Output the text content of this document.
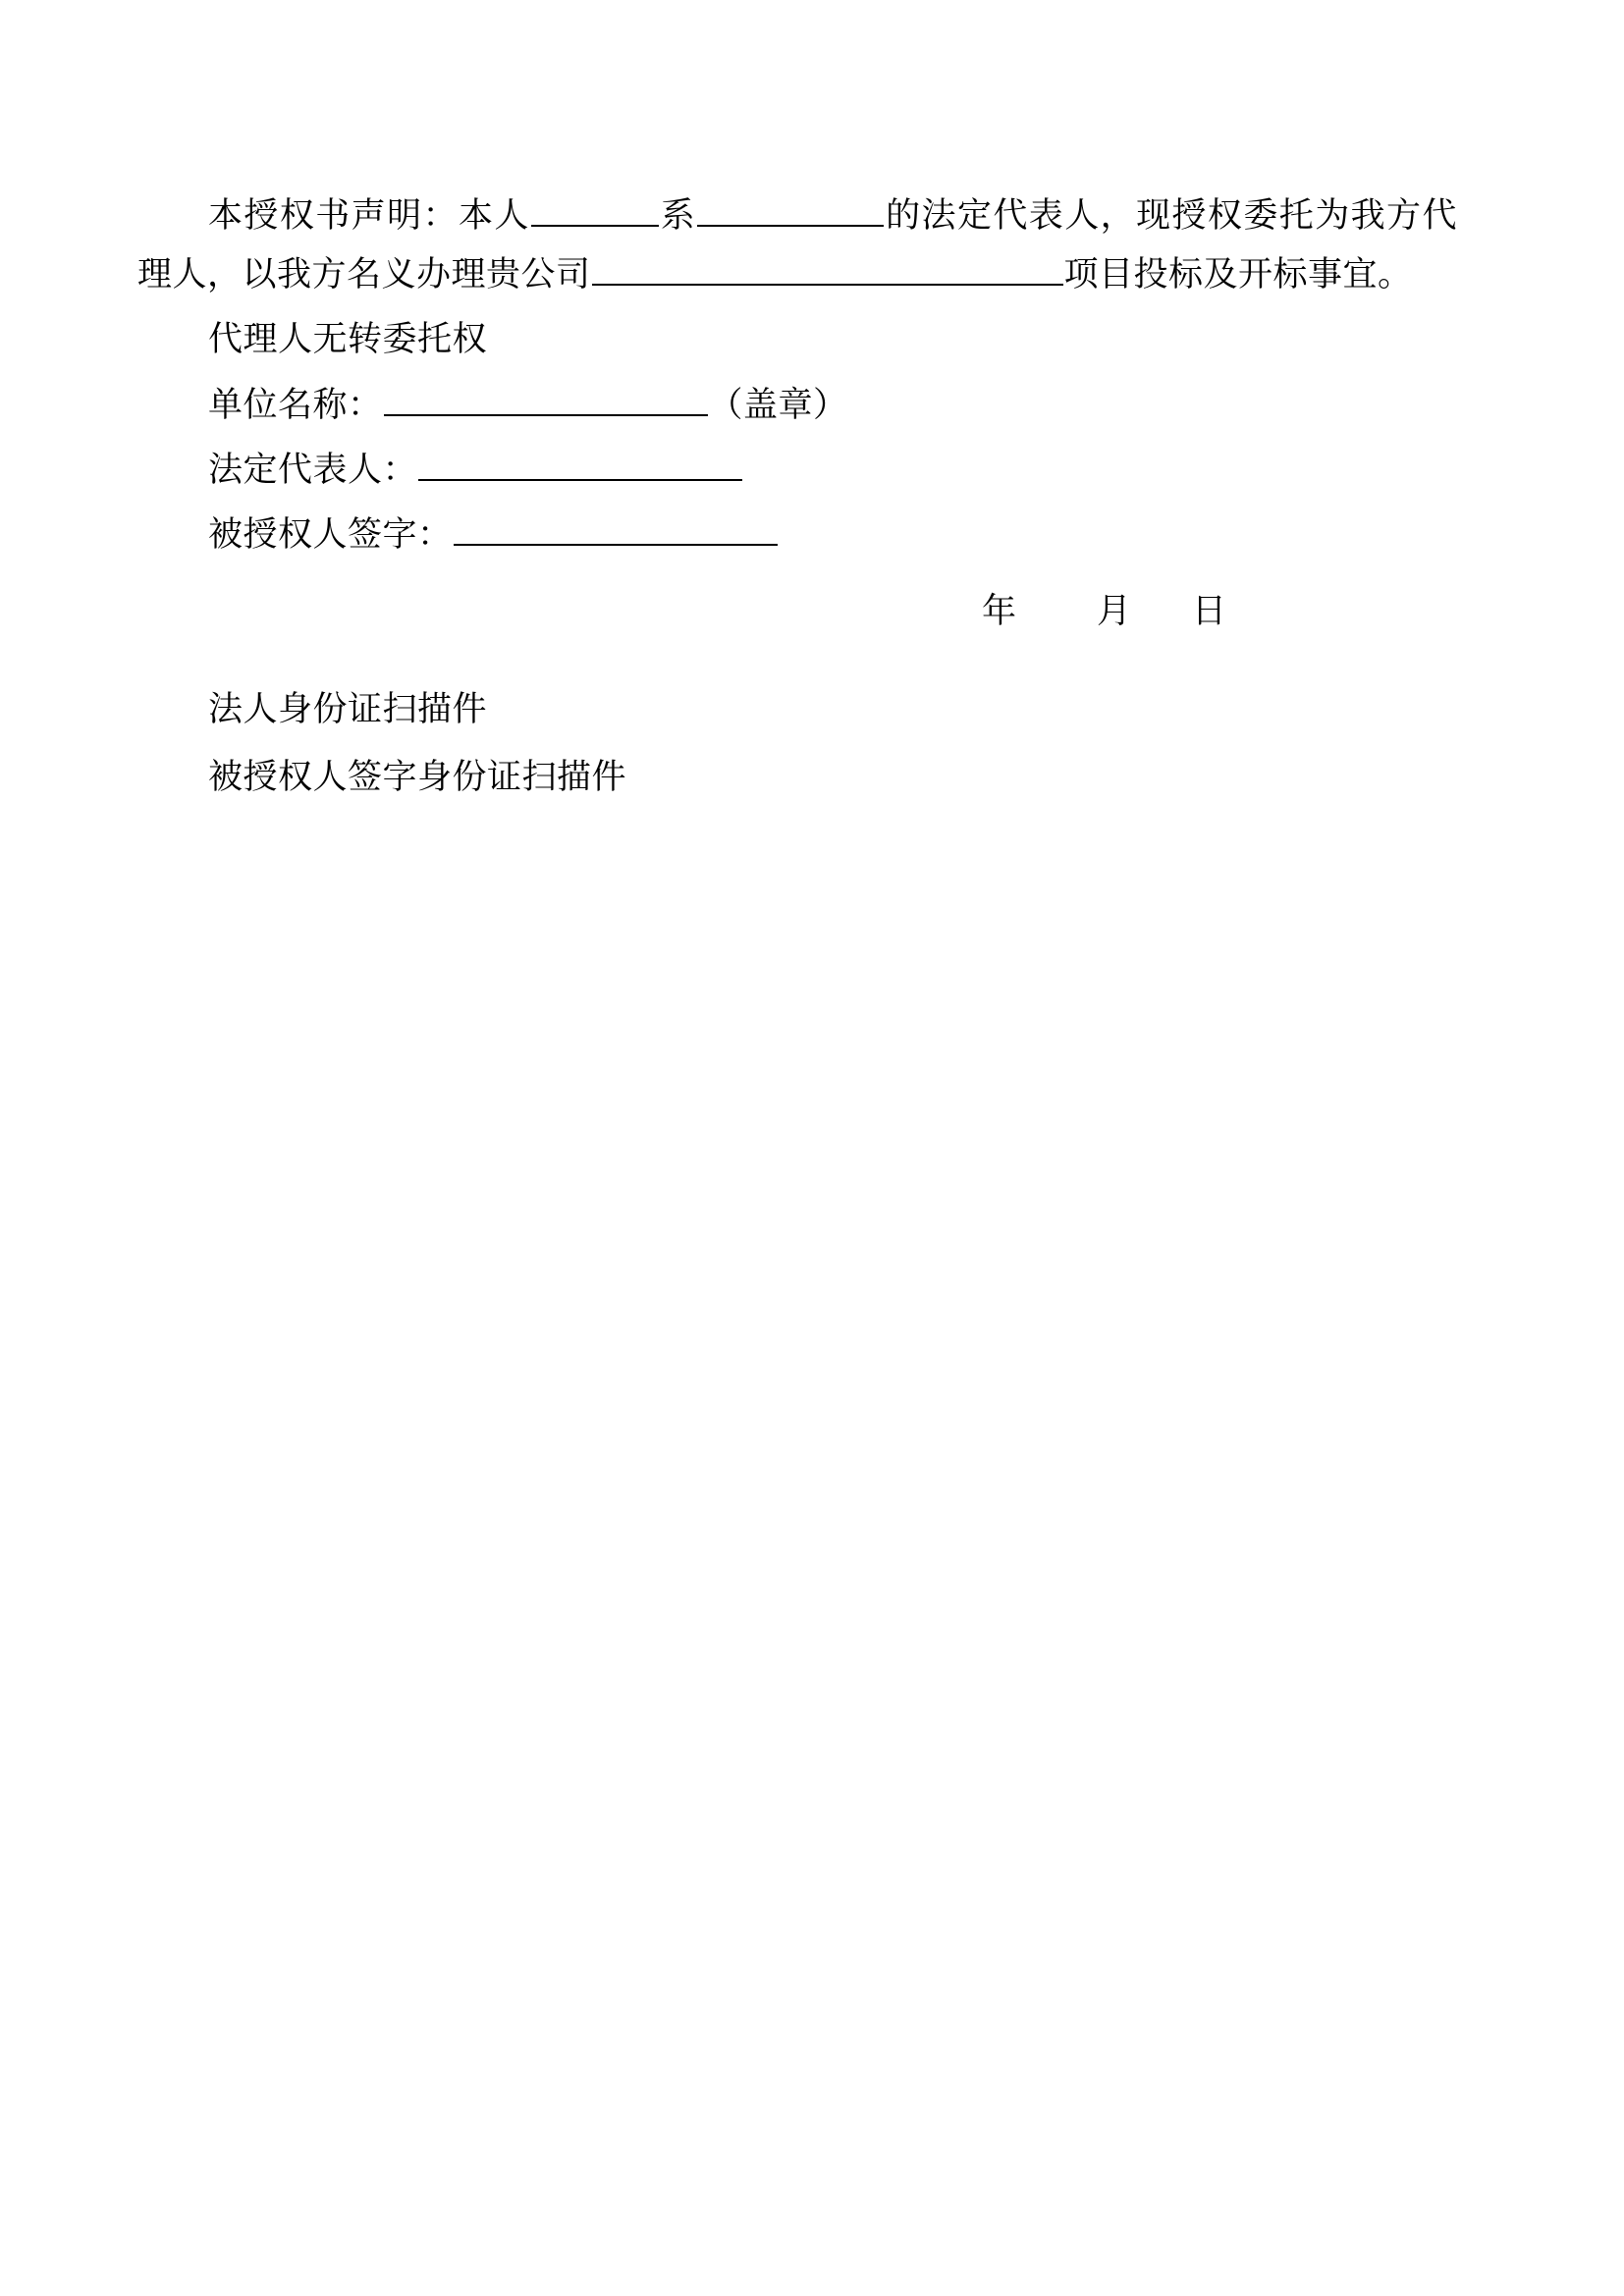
本授权书声明：本人	系	的法定代表人，现授权委托为我方代理人，以我方名义办理贵公司	项目投标及开标事宜。

代理人无转委托权

单位名称：	（盖章）
法定代表人：
被授权人签字：
年 月 日
法人身份证扫描件
被授权人签字身份证扫描件
